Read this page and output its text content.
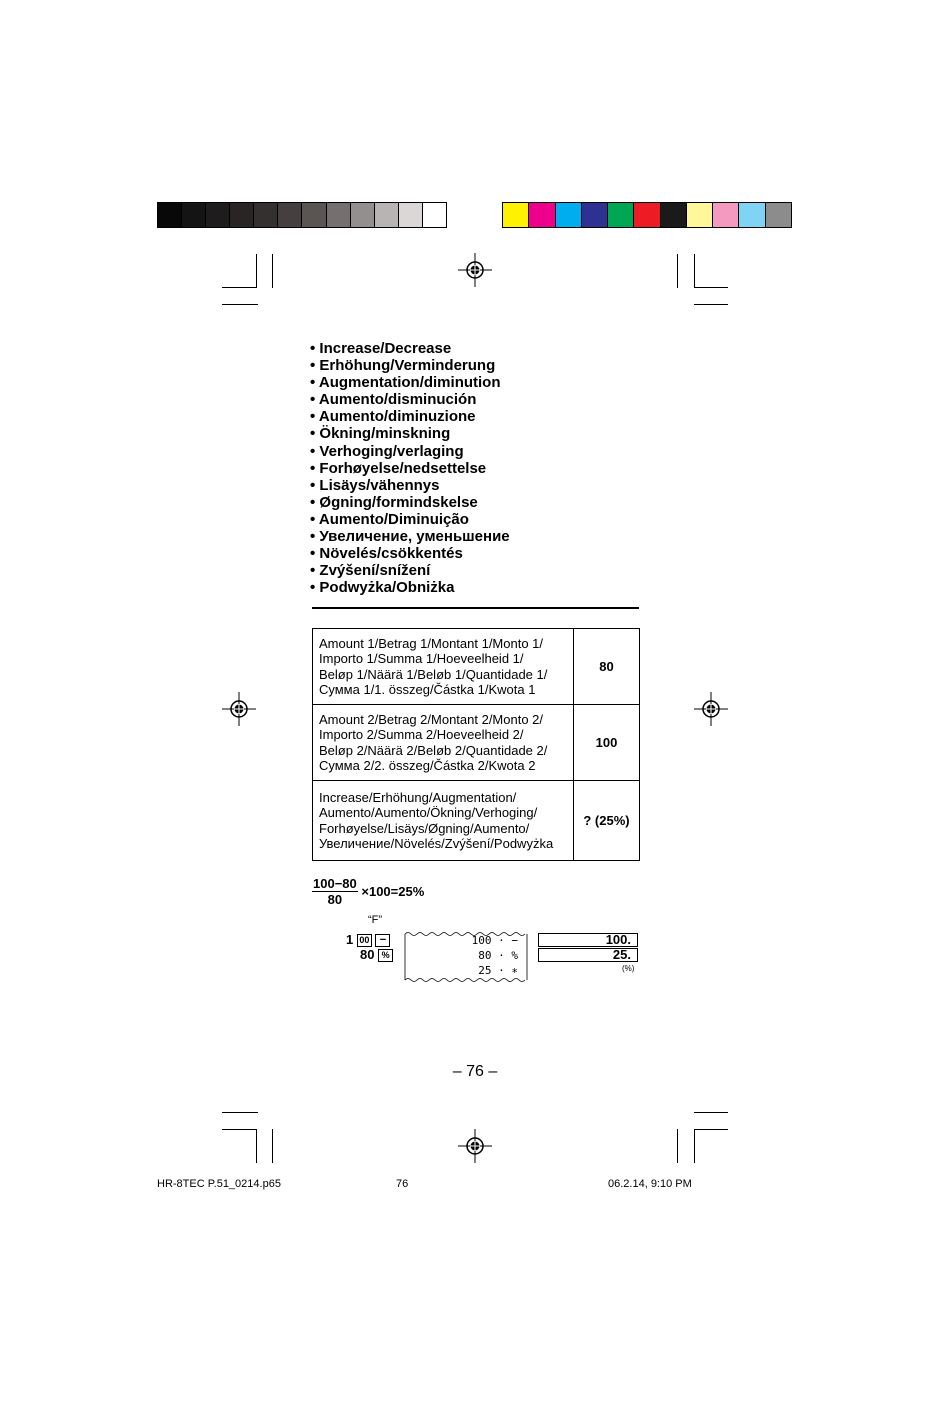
• Increase/Decrease
• Erhöhung/Verminderung
• Augmentation/diminution
• Aumento/disminución
• Aumento/diminuzione
• Ökning/minskning
• Verhoging/verlaging
• Forhøyelse/nedsettelse
• Lisäys/vähennys
• Øgning/formindskelse
• Aumento/Diminuição
• Увеличение, уменьшение
• Növelés/csökkentés
• Zvýšení/snížení
• Podwyżka/Obniżka
Amount 1/Betrag 1/Montant 1/Monto 1/
Importo 1/Summa 1/Hoeveelheid 1/
Beløp 1/Näärä 1/Beløb 1/Quantidade 1/
Сумма 1/1. összeg/Částka 1/Kwota 1	80

Amount 2/Betrag 2/Montant 2/Monto 2/
Importo 2/Summa 2/Hoeveelheid 2/
Beløp 2/Näärä 2/Beløb 2/Quantidade 2/
Сумма 2/2. összeg/Částka 2/Kwota 2	100

Increase/Erhöhung/Augmentation/
Aumento/Aumento/Ökning/Verhoging/
Forhøyelse/Lisäys/Øgning/Aumento/
Увеличение/Növelés/Zvýšení/Podwyżka	? (25%)
$\frac{100-80}{80} \times 100=25\%$
“F”
1 00 −
80 %
100 · −
80 · %
25 · ∗
100.
25.
(%)
– 76 –
HR-8TEC P.51_0214.p65	76	06.2.14, 9:10 PM
